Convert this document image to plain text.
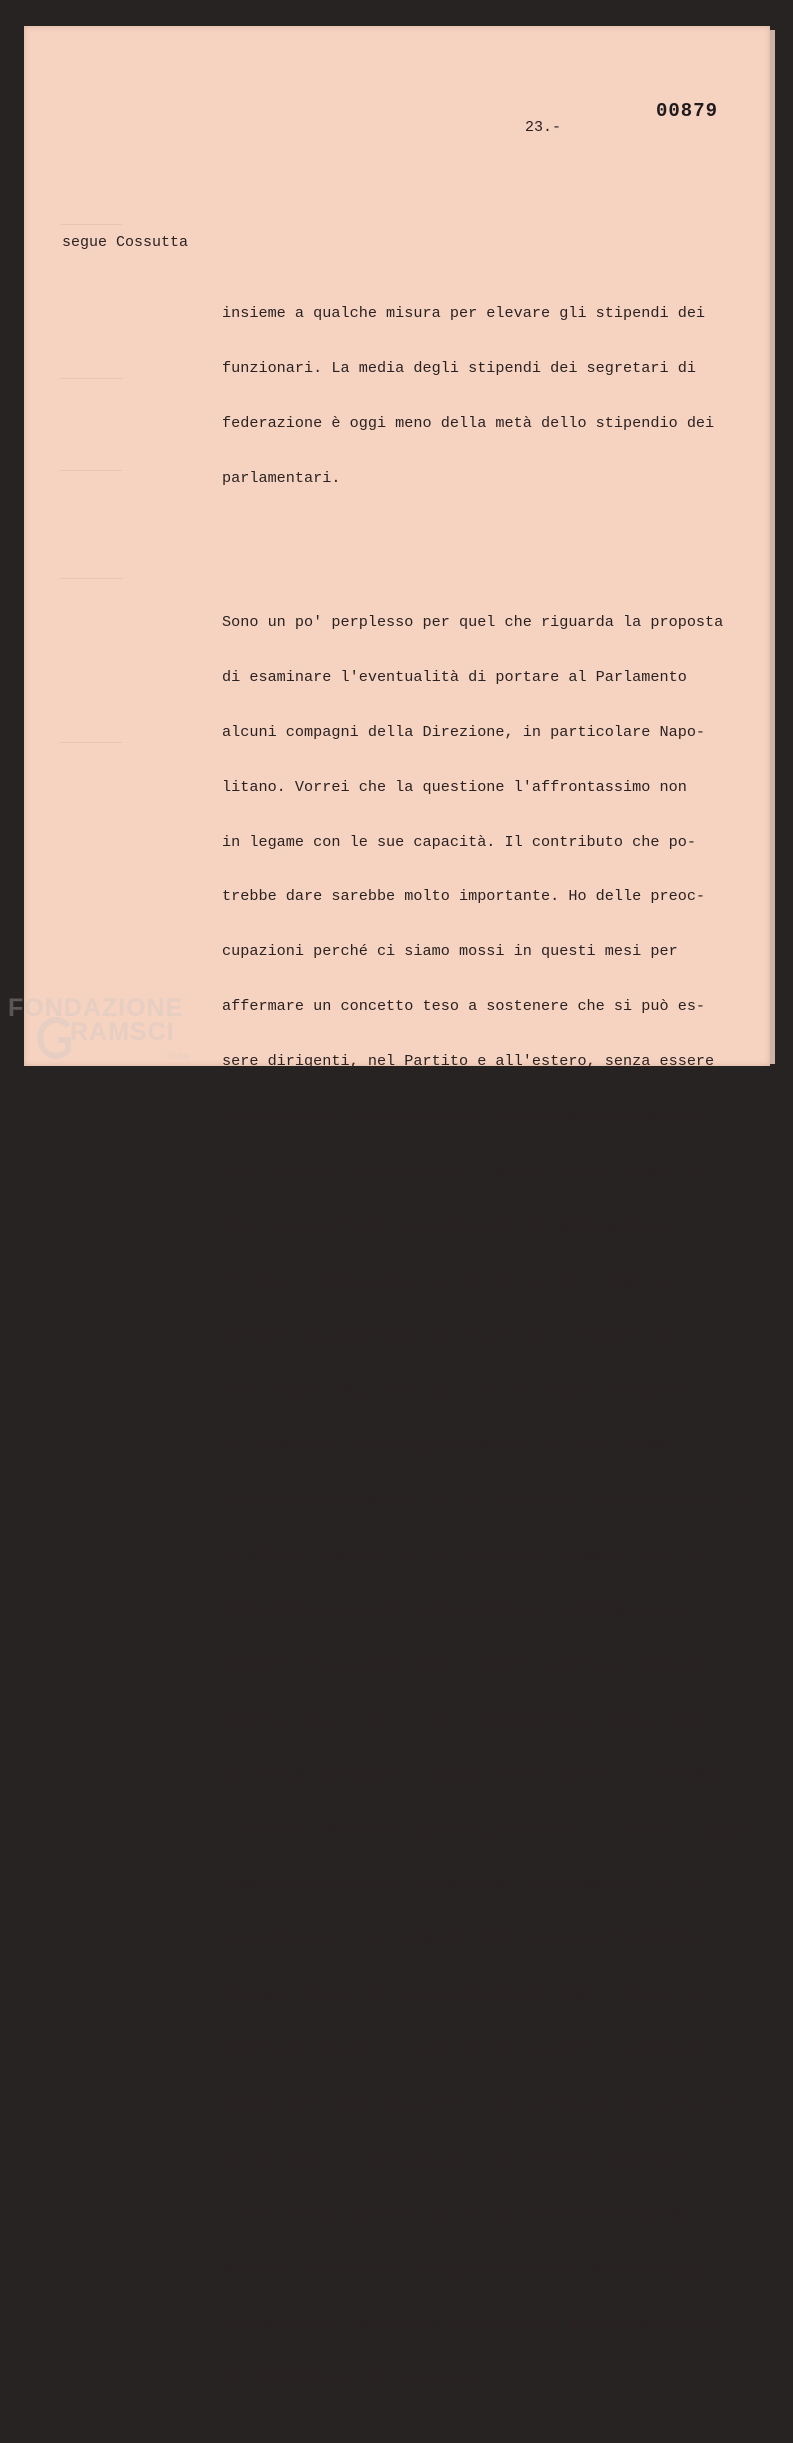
00879
23.-
segue Cossutta

insieme a qualche misura per elevare gli stipendi dei

funzionari. La media degli stipendi dei segretari di

federazione è oggi meno della metà dello stipendio dei

parlamentari.

Sono un po' perplesso per quel che riguarda la proposta

di esaminare l'eventualità di portare al Parlamento

alcuni compagni della Direzione, in particolare Napo-

litano. Vorrei che la questione l'affrontassimo non

in legame con le sue capacità. Il contributo che po-

trebbe dare sarebbe molto importante. Ho delle preoc-

cupazioni perché ci siamo mossi in questi mesi per

affermare un concetto teso a sostenere che si può es-

sere dirigenti, nel Partito e all'estero, senza essere

parlamentari. Questo concetto rischia poi di non tro-

vare una corrispondenza nelle nostre scelte. Non c'è

solo una questione di equilibrio tra parlamentari e

no, tra i membri della Direzione, e non è nemmeno

soltanto una questione di lavoro, pur se questa va

vista (certo dal punto di vista politico l'elezione

dei segretari regionali sarebbe utile, ma c'è una

incompatibilità con il lavoro pratico); vedo i pregi della

soluzione proposta, ma lo svantaggio è che il nome di

Napolitano era un po' emblematico per affermare quel

concetto. Si sarebbe allora dovuto seguire un indirizzo

diverso, magari con la non rielezione di alcuni compa-

gni della Direzione. I compagni che vengono riconfermati

o entrano sono i dirigenti più affermati; e forse da questo

ceppo se ne dovevano trovare uno o due che non si ri-

presentassero. C'è anche il fatto che diventa difficile

spiegare che si può essere dirigenti senza essere par-

lamentari. Prendo un caso per me delicato : è indispen-

sabile ad esempio giungere a una rielezione di Giuliano?

La sua figura è bellissima, e può essere, anche per

l'età, un dirigente di valore pur non essendo parla-

mentare. Ho espresso le mie riserve per questi motivi

più generali, ma se alla decisione si dovesse pervenire

la difenderei e la sosterrei.

FONDAZIONE
RAMSCI
Onlus
